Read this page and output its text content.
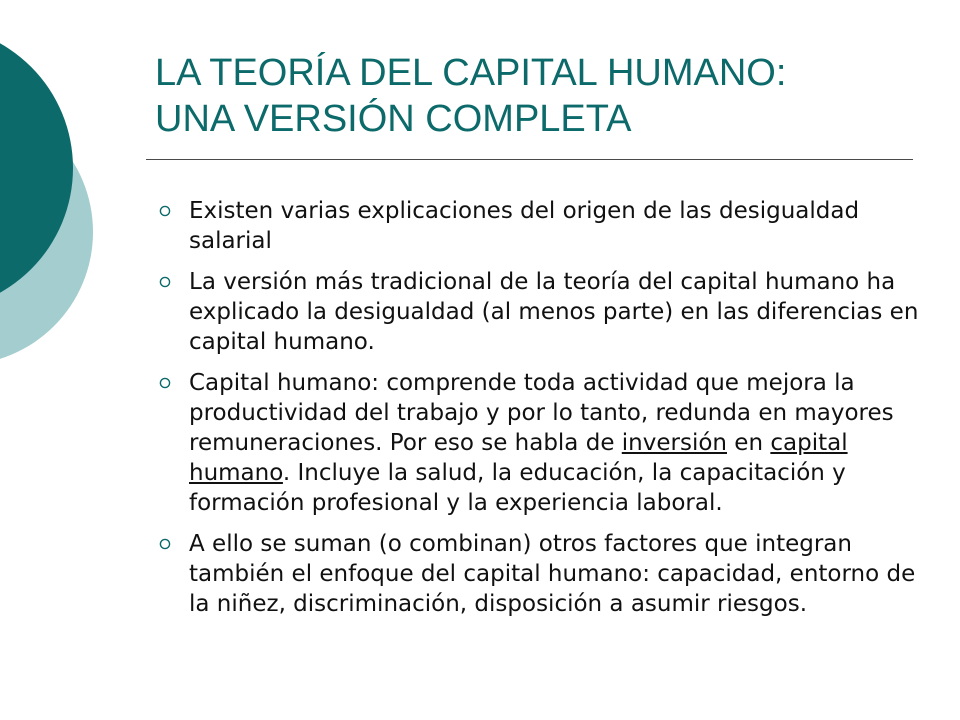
LA TEORÍA DEL CAPITAL HUMANO:
UNA VERSIÓN COMPLETA
Existen varias explicaciones del origen de las desigualdad salarial
La versión más tradicional de la teoría del capital humano ha explicado la desigualdad (al menos parte) en las diferencias en capital humano.
Capital humano: comprende toda actividad que mejora la productividad del trabajo y por lo tanto, redunda en mayores remuneraciones. Por eso se habla de inversión en capital humano. Incluye la salud, la educación, la capacitación y formación profesional y la experiencia laboral.
A ello se suman (o combinan) otros factores que integran también el enfoque del capital humano: capacidad, entorno de la niñez, discriminación, disposición a asumir riesgos.
